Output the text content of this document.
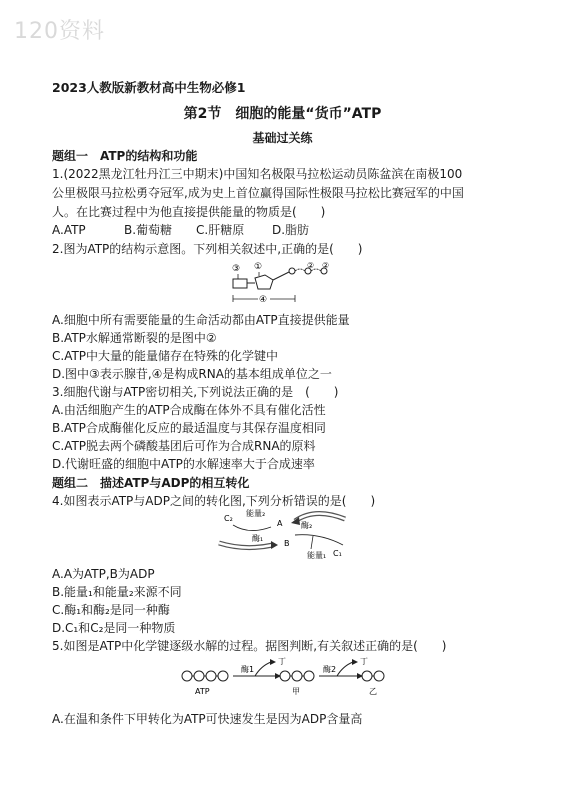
120资料
2023人教版新教材高中生物必修1
第2节　细胞的能量“货币”ATP
基础过关练
题组一　ATP的结构和功能
1.(2022黑龙江牡丹江三中期末)中国知名极限马拉松运动员陈盆滨在南极100
公里极限马拉松勇夺冠军,成为史上首位赢得国际性极限马拉松比赛冠军的中国
人。在比赛过程中为他直接提供能量的物质是(　　)
A.ATP	B.葡萄糖 C.肝糖原 D.脂肪
2.图为ATP的结构示意图。下列相关叙述中,正确的是(　　)
③ ①	② ②
④
A.细胞中所有需要能量的生命活动都由ATP直接提供能量
B.ATP水解通常断裂的是图中②
C.ATP中大量的能量储存在特殊的化学键中
D.图中③表示腺苷,④是构成RNA的基本组成单位之一
3.细胞代谢与ATP密切相关,下列说法正确的是　(　　)
A.由活细胞产生的ATP合成酶在体外不具有催化活性
B.ATP合成酶催化反应的最适温度与其保存温度相同
C.ATP脱去两个磷酸基团后可作为合成RNA的原料
D.代谢旺盛的细胞中ATP的水解速率大于合成速率
题组二　描述ATP与ADP的相互转化
4.如图表示ATP与ADP之间的转化图,下列分析错误的是(　　)
C₂
能量₂
酶₁
A
B
酶₂
能量₁ C₁
A.A为ATP,B为ADP
B.能量₁和能量₂来源不同
C.酶₁和酶₂是同一种酶
D.C₁和C₂是同一种物质
5.如图是ATP中化学键逐级水解的过程。据图判断,有关叙述正确的是(　　)
ATP
酶1
甲
酶2
乙
丁	丁
A.在温和条件下甲转化为ATP可快速发生是因为ADP含量高
